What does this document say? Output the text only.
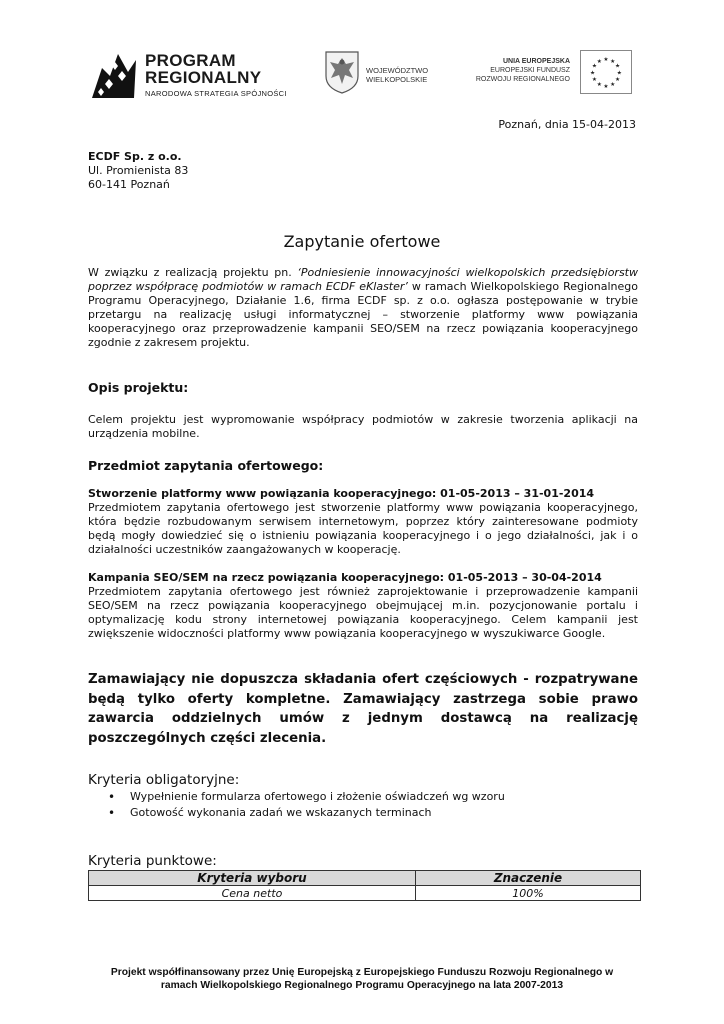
PROGRAM
REGIONALNY
NARODOWA STRATEGIA SPÓJNOŚCI
WOJEWÓDZTWO
WIELKOPOLSKIE
UNIA EUROPEJSKA
EUROPEJSKI FUNDUSZ
ROZWOJU REGIONALNEGO
★ ★
★
★
★
★
★
★
★
★
★
★
Poznań, dnia 15-04-2013
ECDF Sp. z o.o.
Ul. Promienista 83
60-141 Poznań
Zapytanie ofertowe
W związku z realizacją projektu pn. ‘Podniesienie innowacyjności wielkopolskich przedsiębiorstw poprzez współpracę podmiotów w ramach ECDF eKlaster’ w ramach Wielkopolskiego Regionalnego Programu Operacyjnego, Działanie 1.6, firma ECDF sp. z o.o. ogłasza postępowanie w trybie przetargu na realizację usługi informatycznej – stworzenie platformy www powiązania kooperacyjnego oraz przeprowadzenie kampanii SEO/SEM na rzecz powiązania kooperacyjnego zgodnie z zakresem projektu.
Opis projektu:
Celem projektu jest wypromowanie współpracy podmiotów w zakresie tworzenia aplikacji na urządzenia mobilne.
Przedmiot zapytania ofertowego:
Stworzenie platformy www powiązania kooperacyjnego: 01-05-2013 – 31-01-2014
Przedmiotem zapytania ofertowego jest stworzenie platformy www powiązania kooperacyjnego, która będzie rozbudowanym serwisem internetowym, poprzez który zainteresowane podmioty będą mogły dowiedzieć się o istnieniu powiązania kooperacyjnego i o jego działalności, jak i o działalności uczestników zaangażowanych w kooperację.
Kampania SEO/SEM na rzecz powiązania kooperacyjnego: 01-05-2013 – 30-04-2014
Przedmiotem zapytania ofertowego jest również zaprojektowanie i przeprowadzenie kampanii SEO/SEM na rzecz powiązania kooperacyjnego obejmującej m.in. pozycjonowanie portalu i optymalizację kodu strony internetowej powiązania kooperacyjnego. Celem kampanii jest zwiększenie widoczności platformy www powiązania kooperacyjnego w wyszukiwarce Google.
Zamawiający nie dopuszcza składania ofert częściowych - rozpatrywane będą tylko oferty kompletne. Zamawiający zastrzega sobie prawo zawarcia oddzielnych umów z jednym dostawcą na realizację poszczególnych części zlecenia.
Kryteria obligatoryjne:
• Wypełnienie formularza ofertowego i złożenie oświadczeń wg wzoru
• Gotowość wykonania zadań we wskazanych terminach
Kryteria punktowe:
Kryteria wyboru	Znaczenie
Cena netto	100%
Projekt współfinansowany przez Unię Europejską z Europejskiego Funduszu Rozwoju Regionalnego w
ramach Wielkopolskiego Regionalnego Programu Operacyjnego na lata 2007-2013
